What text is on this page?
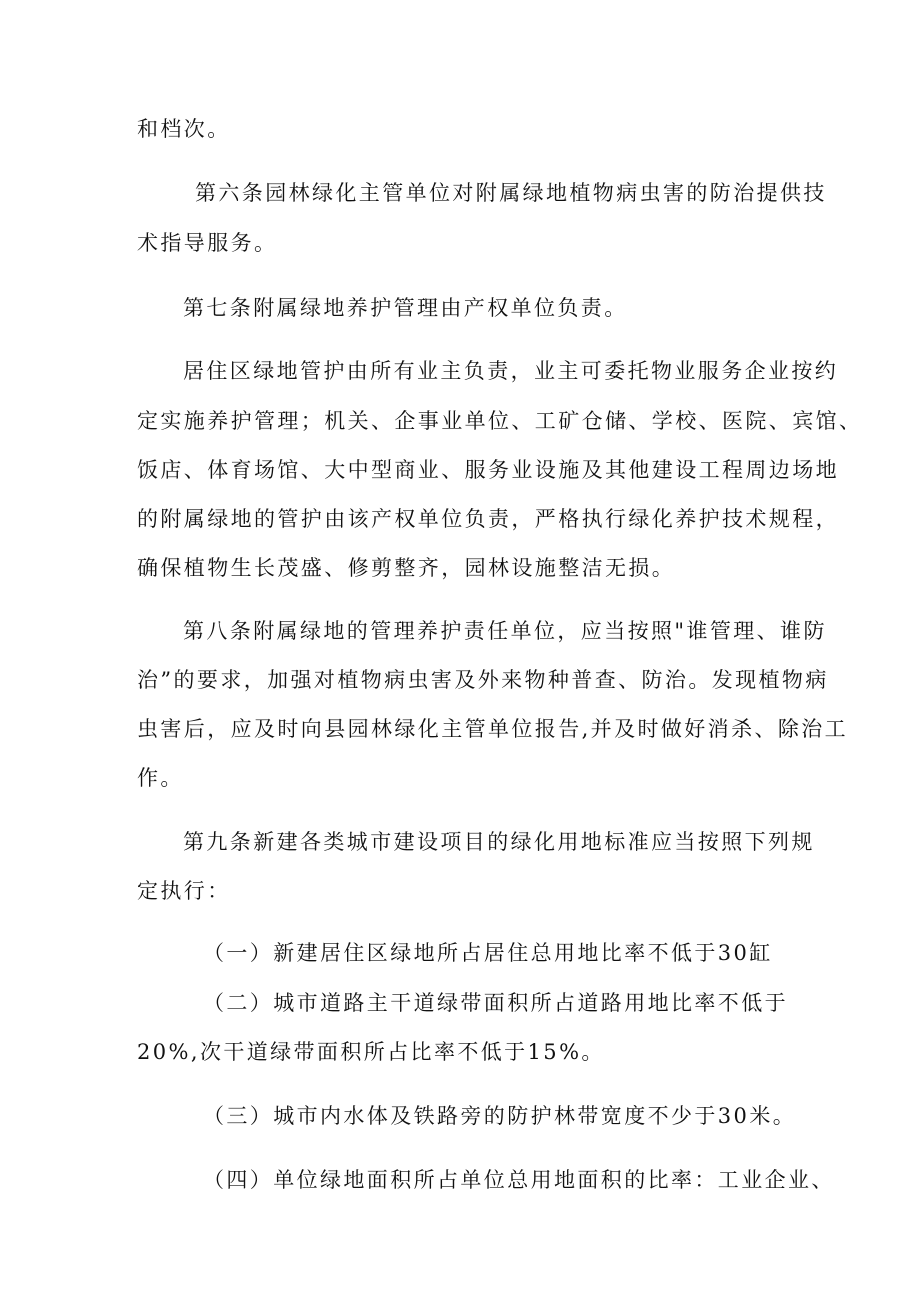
和档次。
第六条园林绿化主管单位对附属绿地植物病虫害的防治提供技
术指导服务。
第七条附属绿地养护管理由产权单位负责。
居住区绿地管护由所有业主负责，业主可委托物业服务企业按约
定实施养护管理；机关、企事业单位、工矿仓储、学校、医院、宾馆、
饭店、体育场馆、大中型商业、服务业设施及其他建设工程周边场地
的附属绿地的管护由该产权单位负责，严格执行绿化养护技术规程，
确保植物生长茂盛、修剪整齐，园林设施整洁无损。
第八条附属绿地的管理养护责任单位，应当按照"谁管理、谁防
治”的要求，加强对植物病虫害及外来物种普查、防治。发现植物病
虫害后，应及时向县园林绿化主管单位报告,并及时做好消杀、除治工
作。
第九条新建各类城市建设项目的绿化用地标准应当按照下列规
定执行：
（一）新建居住区绿地所占居住总用地比率不低于30缸
（二）城市道路主干道绿带面积所占道路用地比率不低于
20%,次干道绿带面积所占比率不低于15%。
（三）城市内水体及铁路旁的防护林带宽度不少于30米。
（四）单位绿地面积所占单位总用地面积的比率：工业企业、
